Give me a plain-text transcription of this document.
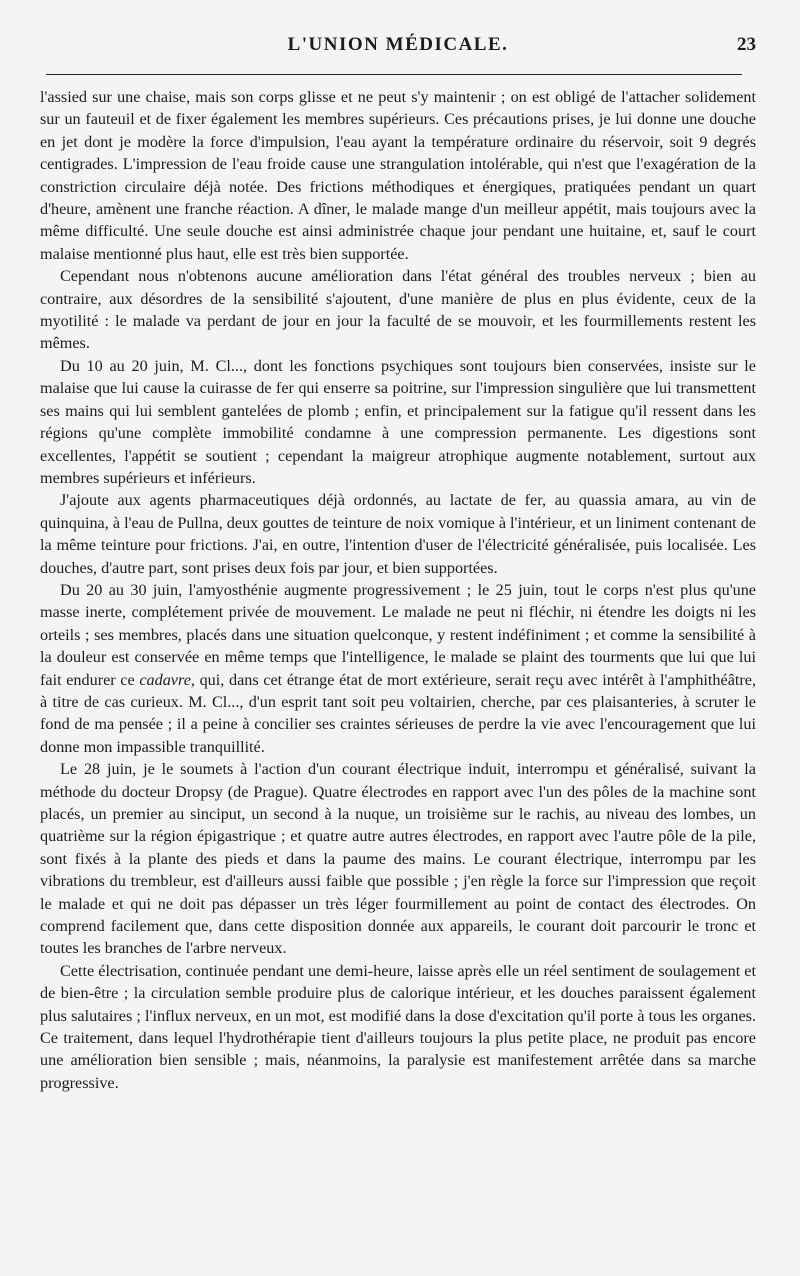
L'UNION MÉDICALE.	23

l'assied sur une chaise, mais son corps glisse et ne peut s'y maintenir ; on est obligé de l'attacher solidement sur un fauteuil et de fixer également les membres supérieurs. Ces précautions prises, je lui donne une douche en jet dont je modère la force d'impulsion, l'eau ayant la température ordinaire du réservoir, soit 9 degrés centigrades. L'impression de l'eau froide cause une strangulation intolérable, qui n'est que l'exagération de la constriction circulaire déjà notée. Des frictions méthodiques et énergiques, pratiquées pendant un quart d'heure, amènent une franche réaction. A dîner, le malade mange d'un meilleur appétit, mais toujours avec la même difficulté. Une seule douche est ainsi administrée chaque jour pendant une huitaine, et, sauf le court malaise mentionné plus haut, elle est très bien supportée.

Cependant nous n'obtenons aucune amélioration dans l'état général des troubles nerveux ; bien au contraire, aux désordres de la sensibilité s'ajoutent, d'une manière de plus en plus évidente, ceux de la myotilité : le malade va perdant de jour en jour la faculté de se mouvoir, et les fourmillements restent les mêmes.

Du 10 au 20 juin, M. Cl..., dont les fonctions psychiques sont toujours bien conservées, insiste sur le malaise que lui cause la cuirasse de fer qui enserre sa poitrine, sur l'impression singulière que lui transmettent ses mains qui lui semblent gantelées de plomb ; enfin, et principalement sur la fatigue qu'il ressent dans les régions qu'une complète immobilité condamne à une compression permanente. Les digestions sont excellentes, l'appétit se soutient ; cependant la maigreur atrophique augmente notablement, surtout aux membres supérieurs et inférieurs.

J'ajoute aux agents pharmaceutiques déjà ordonnés, au lactate de fer, au quassia amara, au vin de quinquina, à l'eau de Pullna, deux gouttes de teinture de noix vomique à l'intérieur, et un liniment contenant de la même teinture pour frictions. J'ai, en outre, l'intention d'user de l'électricité généralisée, puis localisée. Les douches, d'autre part, sont prises deux fois par jour, et bien supportées.

Du 20 au 30 juin, l'amyosthénie augmente progressivement ; le 25 juin, tout le corps n'est plus qu'une masse inerte, complétement privée de mouvement. Le malade ne peut ni fléchir, ni étendre les doigts ni les orteils ; ses membres, placés dans une situation quelconque, y restent indéfiniment ; et comme la sensibilité à la douleur est conservée en même temps que l'intelligence, le malade se plaint des tourments que lui que lui fait endurer ce cadavre, qui, dans cet étrange état de mort extérieure, serait reçu avec intérêt à l'amphithéâtre, à titre de cas curieux. M. Cl..., d'un esprit tant soit peu voltairien, cherche, par ces plaisanteries, à scruter le fond de ma pensée ; il a peine à concilier ses craintes sérieuses de perdre la vie avec l'encouragement que lui donne mon impassible tranquillité.

Le 28 juin, je le soumets à l'action d'un courant électrique induit, interrompu et généralisé, suivant la méthode du docteur Dropsy (de Prague). Quatre électrodes en rapport avec l'un des pôles de la machine sont placés, un premier au sinciput, un second à la nuque, un troisième sur le rachis, au niveau des lombes, un quatrième sur la région épigastrique ; et quatre autre autres électrodes, en rapport avec l'autre pôle de la pile, sont fixés à la plante des pieds et dans la paume des mains. Le courant électrique, interrompu par les vibrations du trembleur, est d'ailleurs aussi faible que possible ; j'en règle la force sur l'impression que reçoit le malade et qui ne doit pas dépasser un très léger fourmillement au point de contact des électrodes. On comprend facilement que, dans cette disposition donnée aux appareils, le courant doit parcourir le tronc et toutes les branches de l'arbre nerveux.

Cette électrisation, continuée pendant une demi-heure, laisse après elle un réel sentiment de soulagement et de bien-être ; la circulation semble produire plus de calorique intérieur, et les douches paraissent également plus salutaires ; l'influx nerveux, en un mot, est modifié dans la dose d'excitation qu'il porte à tous les organes. Ce traitement, dans lequel l'hydrothérapie tient d'ailleurs toujours la plus petite place, ne produit pas encore une amélioration bien sensible ; mais, néanmoins, la paralysie est manifestement arrêtée dans sa marche progressive.
